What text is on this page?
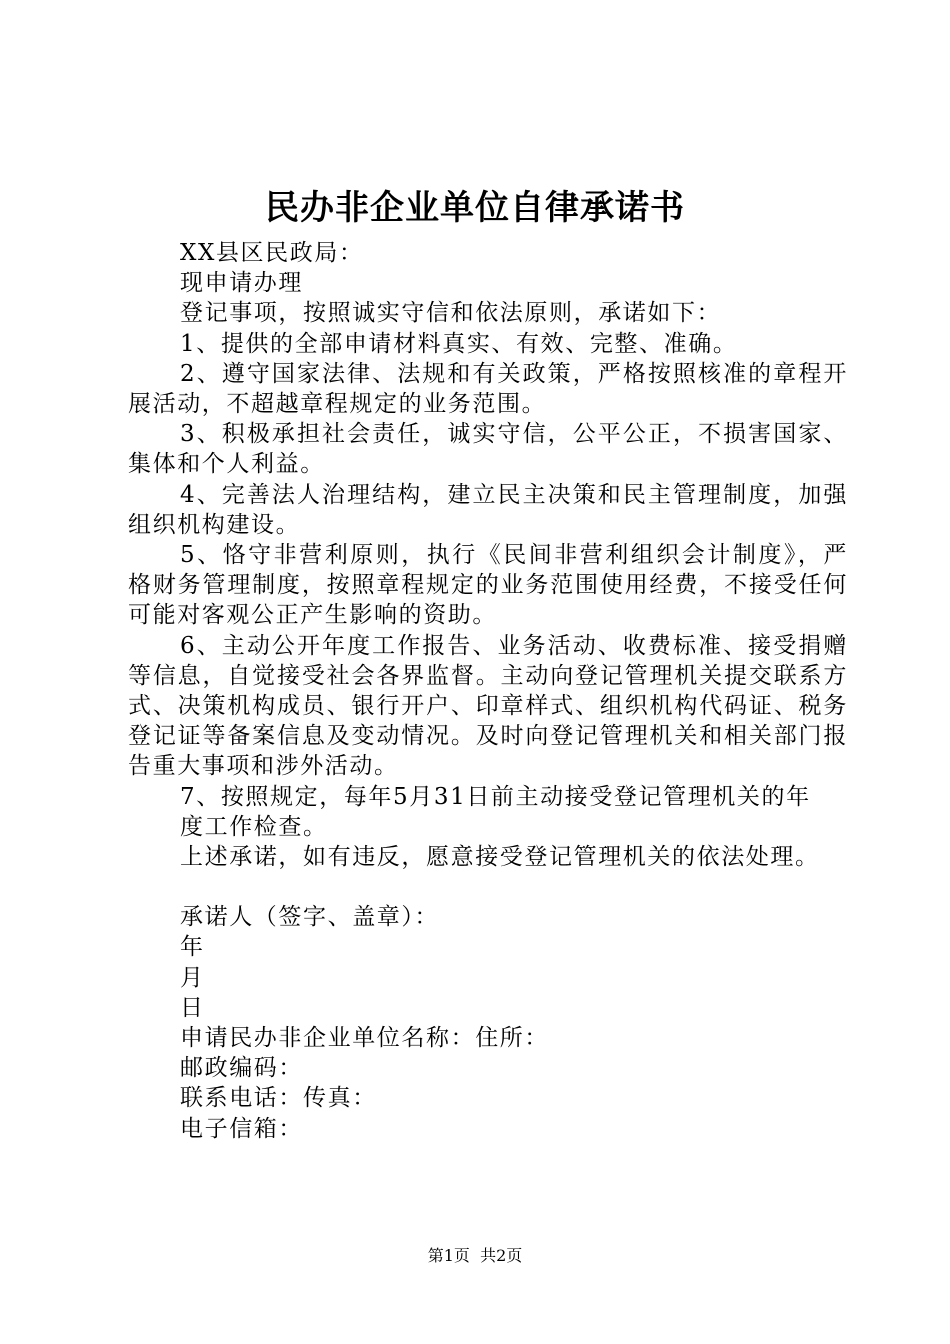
民办非企业单位自律承诺书

XX县区民政局：

现申请办理

登记事项，按照诚实守信和依法原则，承诺如下：

1、提供的全部申请材料真实、有效、完整、准确。

2、遵守国家法律、法规和有关政策，严格按照核准的章程开展活动，不超越章程规定的业务范围。

3、积极承担社会责任，诚实守信，公平公正，不损害国家、集体和个人利益。

4、完善法人治理结构，建立民主决策和民主管理制度，加强组织机构建设。

5、恪守非营利原则，执行《民间非营利组织会计制度》，严格财务管理制度，按照章程规定的业务范围使用经费，不接受任何可能对客观公正产生影响的资助。

6、主动公开年度工作报告、业务活动、收费标准、接受捐赠等信息，自觉接受社会各界监督。主动向登记管理机关提交联系方式、决策机构成员、银行开户、印章样式、组织机构代码证、税务登记证等备案信息及变动情况。及时向登记管理机关和相关部门报告重大事项和涉外活动。

7、按照规定，每年5月31日前主动接受登记管理机关的年

度工作检查。

上述承诺，如有违反，愿意接受登记管理机关的依法处理。

承诺人（签字、盖章）：

年

月

日

申请民办非企业单位名称：住所：

邮政编码：

联系电话：传真：

电子信箱：

第1页 共2页
